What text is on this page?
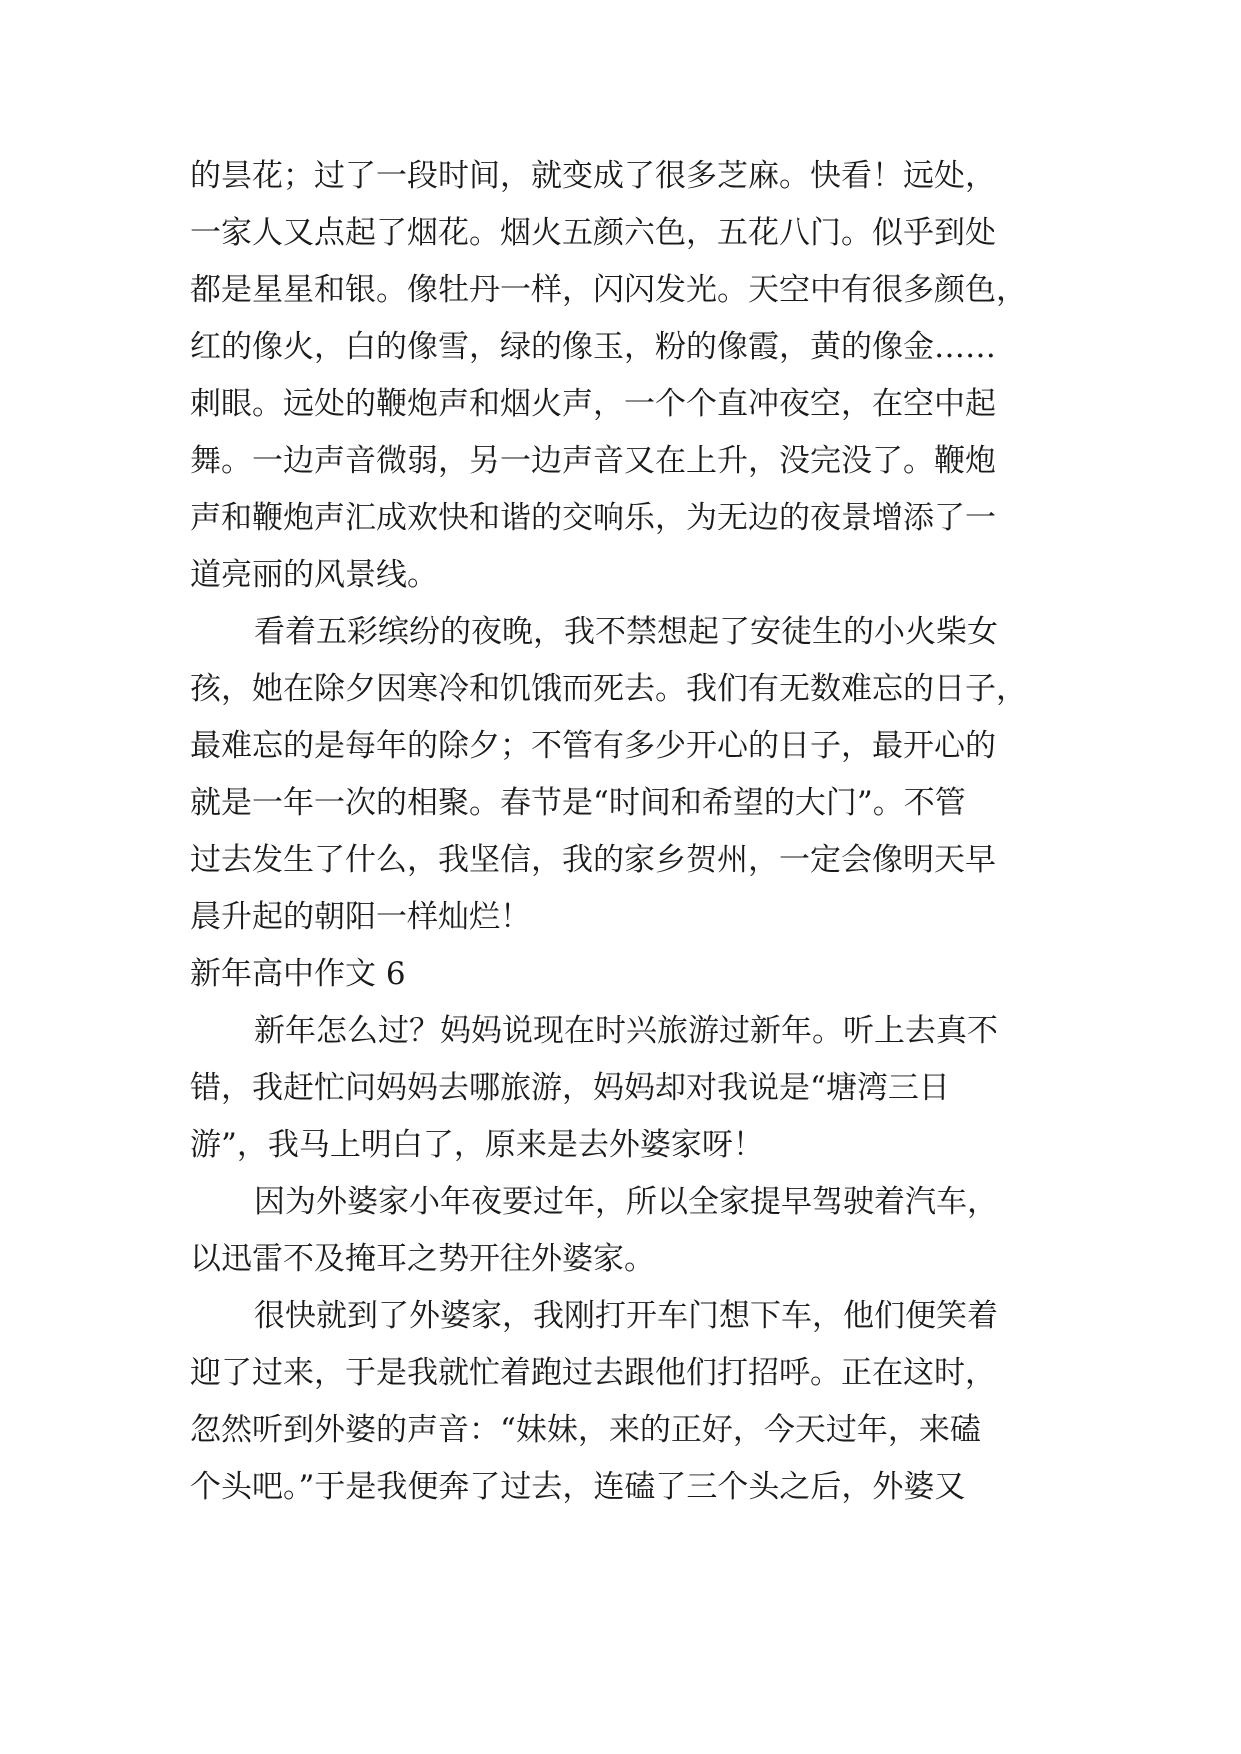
的昙花；过了一段时间，就变成了很多芝麻。快看！远处，
一家人又点起了烟花。烟火五颜六色，五花八门。似乎到处
都是星星和银。像牡丹一样，闪闪发光。天空中有很多颜色，
红的像火，白的像雪，绿的像玉，粉的像霞，黄的像金……
刺眼。远处的鞭炮声和烟火声，一个个直冲夜空，在空中起
舞。一边声音微弱，另一边声音又在上升，没完没了。鞭炮
声和鞭炮声汇成欢快和谐的交响乐，为无边的夜景增添了一
道亮丽的风景线。
看着五彩缤纷的夜晚，我不禁想起了安徒生的小火柴女
孩，她在除夕因寒冷和饥饿而死去。我们有无数难忘的日子，
最难忘的是每年的除夕；不管有多少开心的日子，最开心的
就是一年一次的相聚。春节是“时间和希望的大门”。不管
过去发生了什么，我坚信，我的家乡贺州，一定会像明天早
晨升起的朝阳一样灿烂！
新年高中作文 6
新年怎么过？妈妈说现在时兴旅游过新年。听上去真不
错，我赶忙问妈妈去哪旅游，妈妈却对我说是“塘湾三日
游”，我马上明白了，原来是去外婆家呀！
因为外婆家小年夜要过年，所以全家提早驾驶着汽车，
以迅雷不及掩耳之势开往外婆家。
很快就到了外婆家，我刚打开车门想下车，他们便笑着
迎了过来，于是我就忙着跑过去跟他们打招呼。正在这时，
忽然听到外婆的声音：“妹妹，来的正好，今天过年，来磕
个头吧。”于是我便奔了过去，连磕了三个头之后，外婆又
